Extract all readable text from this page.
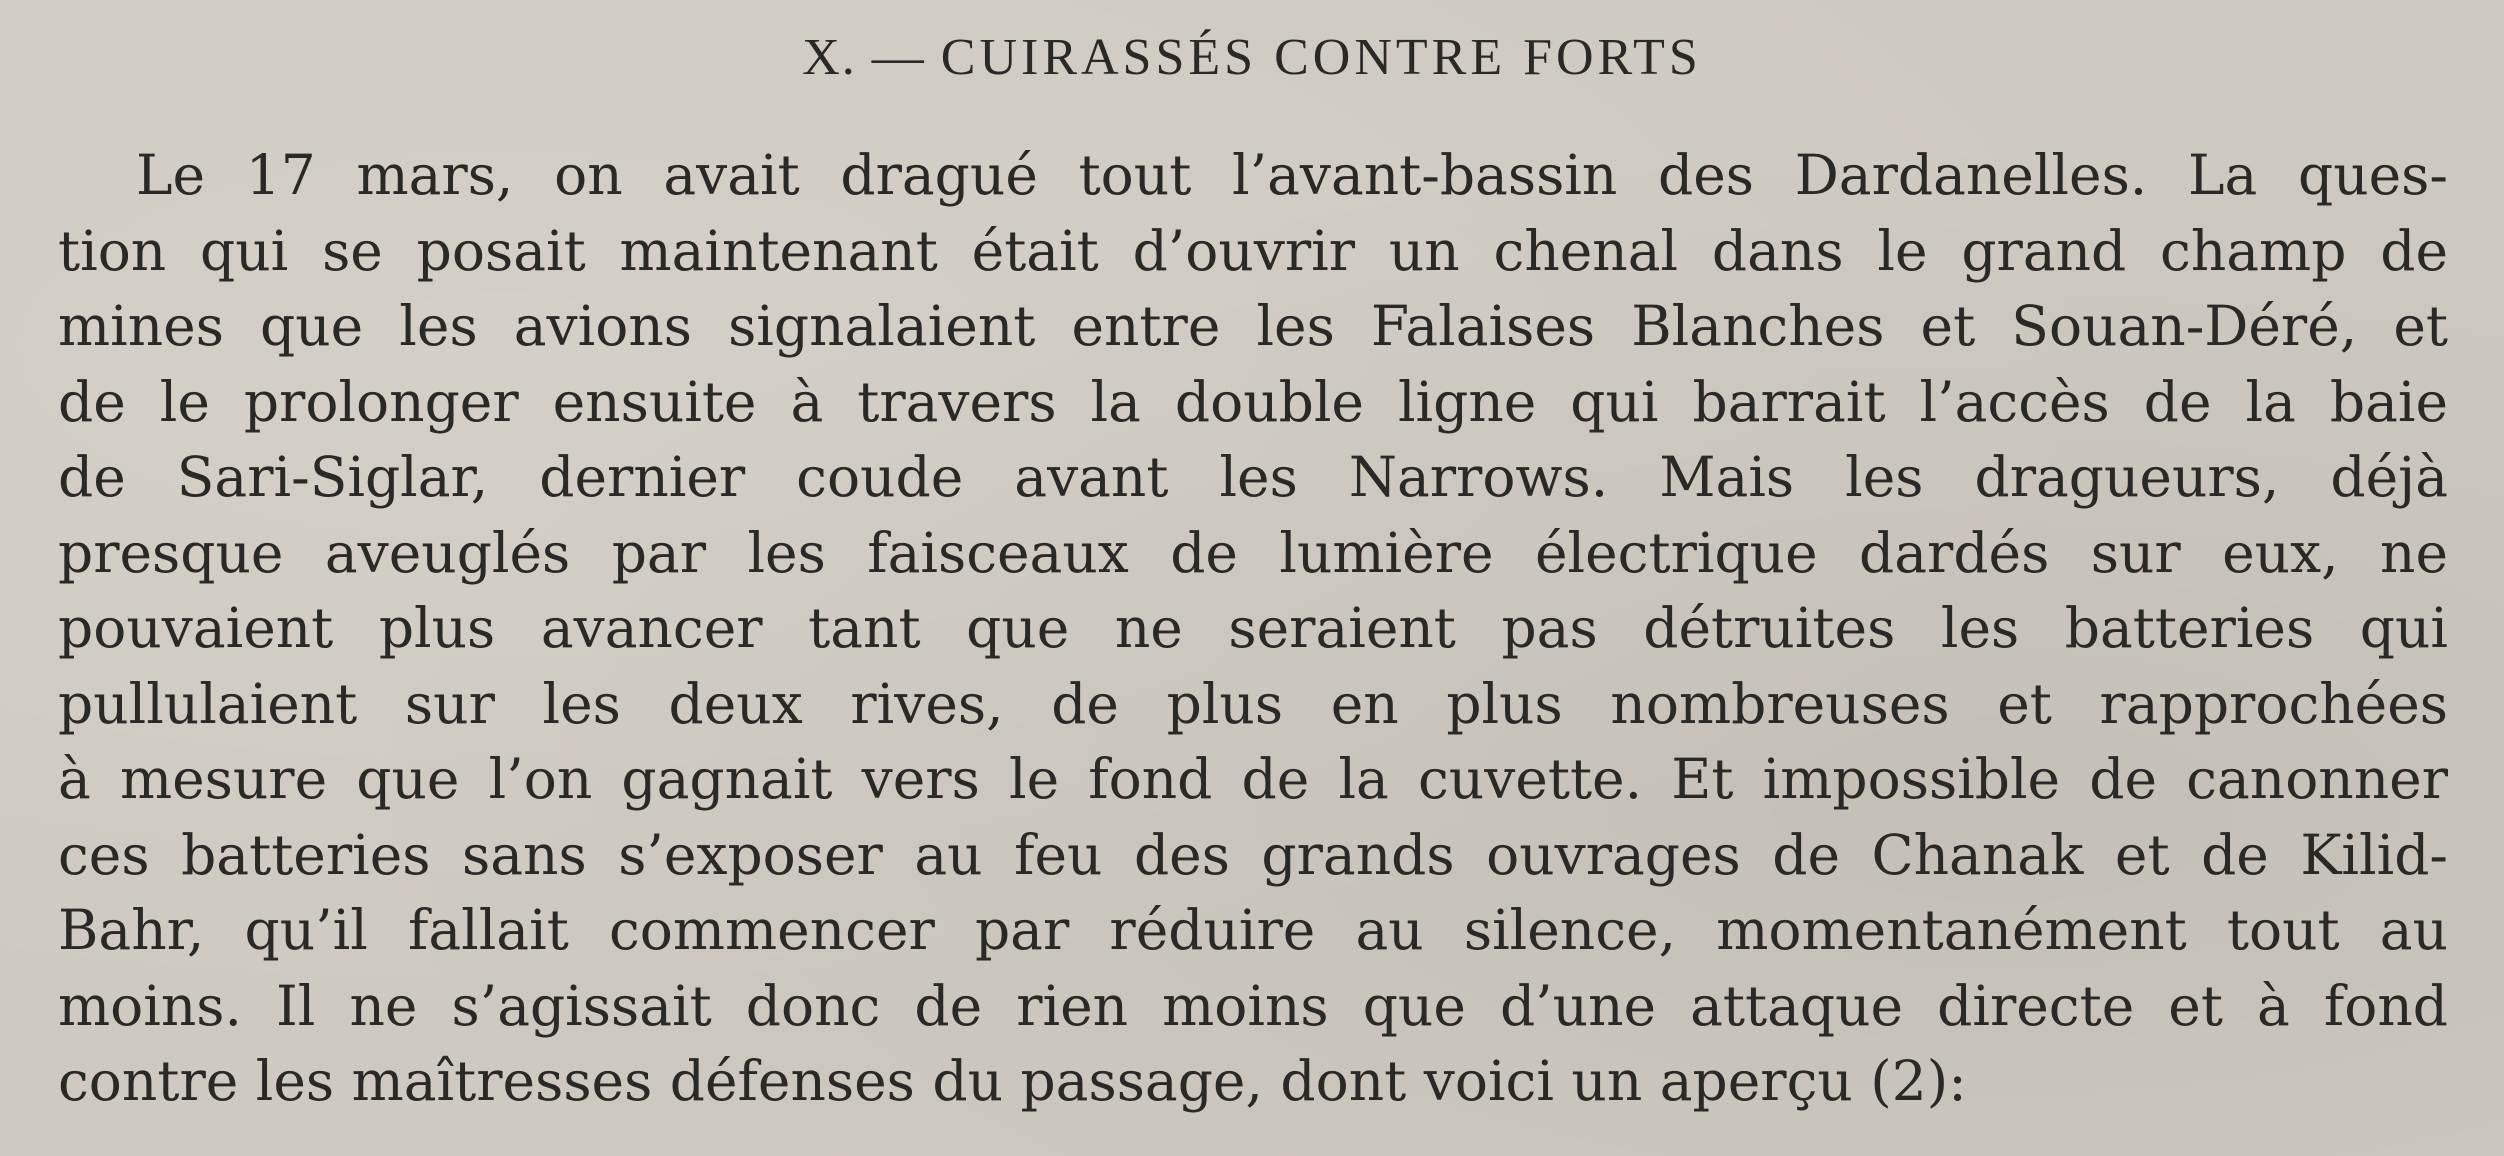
X. — CUIRASSÉS CONTRE FORTS
Le 17 mars, on avait dragué tout l’avant-bassin des Dardanelles. La ques-
tion qui se posait maintenant était d’ouvrir un chenal dans le grand champ de
mines que les avions signalaient entre les Falaises Blanches et Souan-Déré, et
de le prolonger ensuite à travers la double ligne qui barrait l’accès de la baie
de Sari-Siglar, dernier coude avant les Narrows. Mais les dragueurs, déjà
presque aveuglés par les faisceaux de lumière électrique dardés sur eux, ne
pouvaient plus avancer tant que ne seraient pas détruites les batteries qui
pullulaient sur les deux rives, de plus en plus nombreuses et rapprochées
à mesure que l’on gagnait vers le fond de la cuvette. Et impossible de canonner
ces batteries sans s’exposer au feu des grands ouvrages de Chanak et de Kilid-
Bahr, qu’il fallait commencer par réduire au silence, momentanément tout au
moins. Il ne s’agissait donc de rien moins que d’une attaque directe et à fond
contre les maîtresses défenses du passage, dont voici un aperçu (2):
